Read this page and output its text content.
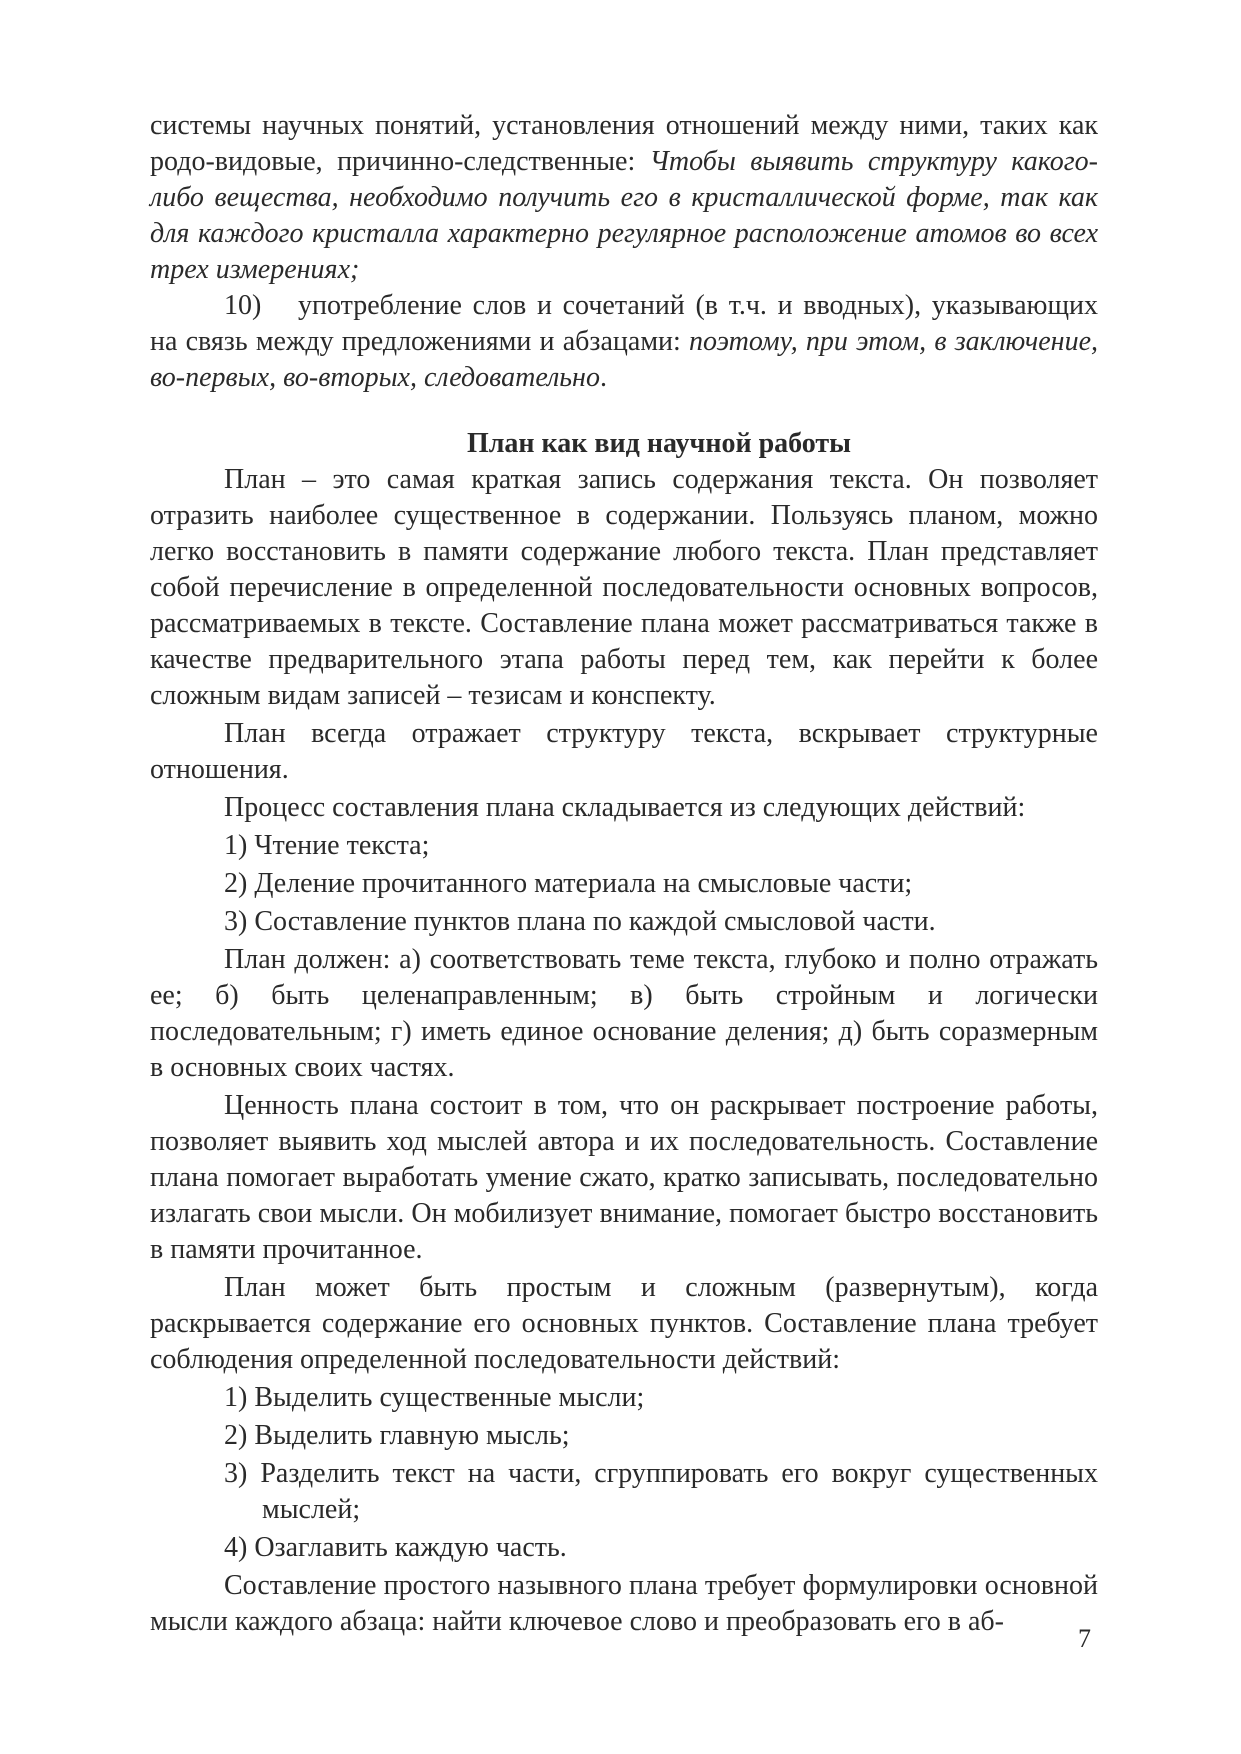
системы научных понятий, установления отношений между ними, таких как родо-видовые, причинно-следственные: Чтобы выявить структуру какого-либо вещества, необходимо получить его в кристаллической форме, так как для каждого кристалла характерно регулярное расположение атомов во всех трех измерениях;

10) употребление слов и сочетаний (в т.ч. и вводных), указывающих на связь между предложениями и абзацами: поэтому, при этом, в заключение, во-первых, во-вторых, следовательно.

План как вид научной работы

План – это самая краткая запись содержания текста. Он позволяет отразить наиболее существенное в содержании. Пользуясь планом, можно легко восстановить в памяти содержание любого текста. План представляет собой перечисление в определенной последовательности основных вопросов, рассматриваемых в тексте. Составление плана может рассматриваться также в качестве предварительного этапа работы перед тем, как перейти к более сложным видам записей – тезисам и конспекту.

План всегда отражает структуру текста, вскрывает структурные отношения.

Процесс составления плана складывается из следующих действий:

1) Чтение текста;

2) Деление прочитанного материала на смысловые части;

3) Составление пунктов плана по каждой смысловой части.

План должен: а) соответствовать теме текста, глубоко и полно отражать ее; б) быть целенаправленным; в) быть стройным и логически последовательным; г) иметь единое основание деления; д) быть соразмерным в основных своих частях.

Ценность плана состоит в том, что он раскрывает построение работы, позволяет выявить ход мыслей автора и их последовательность. Составление плана помогает выработать умение сжато, кратко записывать, последовательно излагать свои мысли. Он мобилизует внимание, помогает быстро восстановить в памяти прочитанное.

План может быть простым и сложным (развернутым), когда раскрывается содержание его основных пунктов. Составление плана требует соблюдения определенной последовательности действий:

1) Выделить существенные мысли;

2) Выделить главную мысль;

3) Разделить текст на части, сгруппировать его вокруг существенных мыслей;

4) Озаглавить каждую часть.

Составление простого назывного плана требует формулировки основной мысли каждого абзаца: найти ключевое слово и преобразовать его в аб-

7
